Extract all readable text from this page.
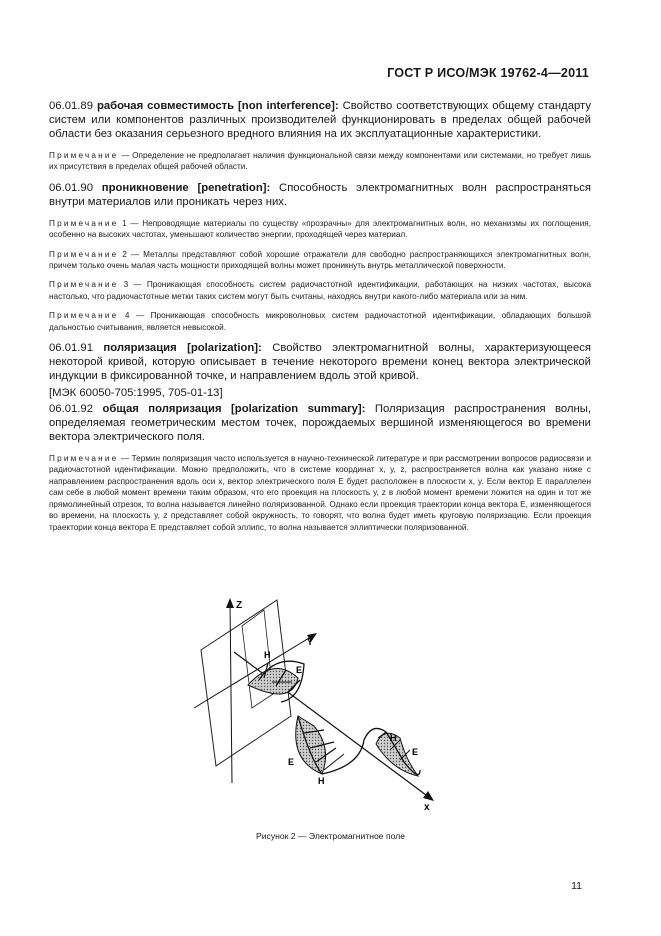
ГОСТ Р ИСО/МЭК 19762-4—2011

06.01.89 рабочая совместимость [non interference]: Свойство соответствующих общему стандарту систем или компонентов различных производителей функционировать в пределах общей рабочей области без оказания серьезного вредного влияния на их эксплуатационные характеристики.

Примечание — Определение не предполагает наличия функциональной связи между компонентами или системами, но требует лишь их присутствия в пределах общей рабочей области.

06.01.90 проникновение [penetration]: Способность электромагнитных волн распространяться внутри материалов или проникать через них.

Примечание 1 — Непроводящие материалы по существу «прозрачны» для электромагнитных волн, но механизмы их поглощения, особенно на высоких частотах, уменьшают количество энергии, проходящей через материал.

Примечание 2 — Металлы представляют собой хорошие отражатели для свободно распространяющихся электромагнитных волн, причем только очень малая часть мощности приходящей волны может проникнуть внутрь металлической поверхности.

Примечание 3 — Проникающая способность систем радиочастотной идентификации, работающих на низких частотах, высока настолько, что радиочастотные метки таких систем могут быть считаны, находясь внутри какого-либо материала или за ним.

Примечание 4 — Проникающая способность микроволновых систем радиочастотной идентификации, обладающих большой дальностью считывания, является невысокой.

06.01.91 поляризация [polarization]: Свойство электромагнитной волны, характеризующееся некоторой кривой, которую описывает в течение некоторого времени конец вектора электрической индукции в фиксированной точке, и направлением вдоль этой кривой.

[МЭК 60050-705:1995, 705-01-13]

06.01.92 общая поляризация [polarization summary]: Поляризация распространения волны, определяемая геометрическим местом точек, порождаемых вершиной изменяющегося во времени вектора электрического поля.

Примечание — Термин поляризация часто используется в научно-технической литературе и при рассмотрении вопросов радиосвязи и радиочастотной идентификации. Можно предположить, что в системе координат x, y, z, распространяется волна как указано ниже с направлением распространения вдоль оси x, вектор электрического поля E будет расположен в плоскости x, y. Если вектор E параллелен сам себе в любой момент времени таким образом, что его проекция на плоскость y, z в любой момент времени ложится на один и тот же прямолинейный отрезок, то волна называется линейно поляризованной. Однако если проекция траектории конца вектора E, изменяющегося во времени, на плоскость y, z представляет собой окружность, то говорят, что волна будет иметь круговую поляризацию. Если проекция траектории конца вектора E представляет собой эллипс, то волна называется эллиптически поляризованной.

Z
Y
x
H
E
E
H
H
E
Рисунок 2 — Электромагнитное поле
11
